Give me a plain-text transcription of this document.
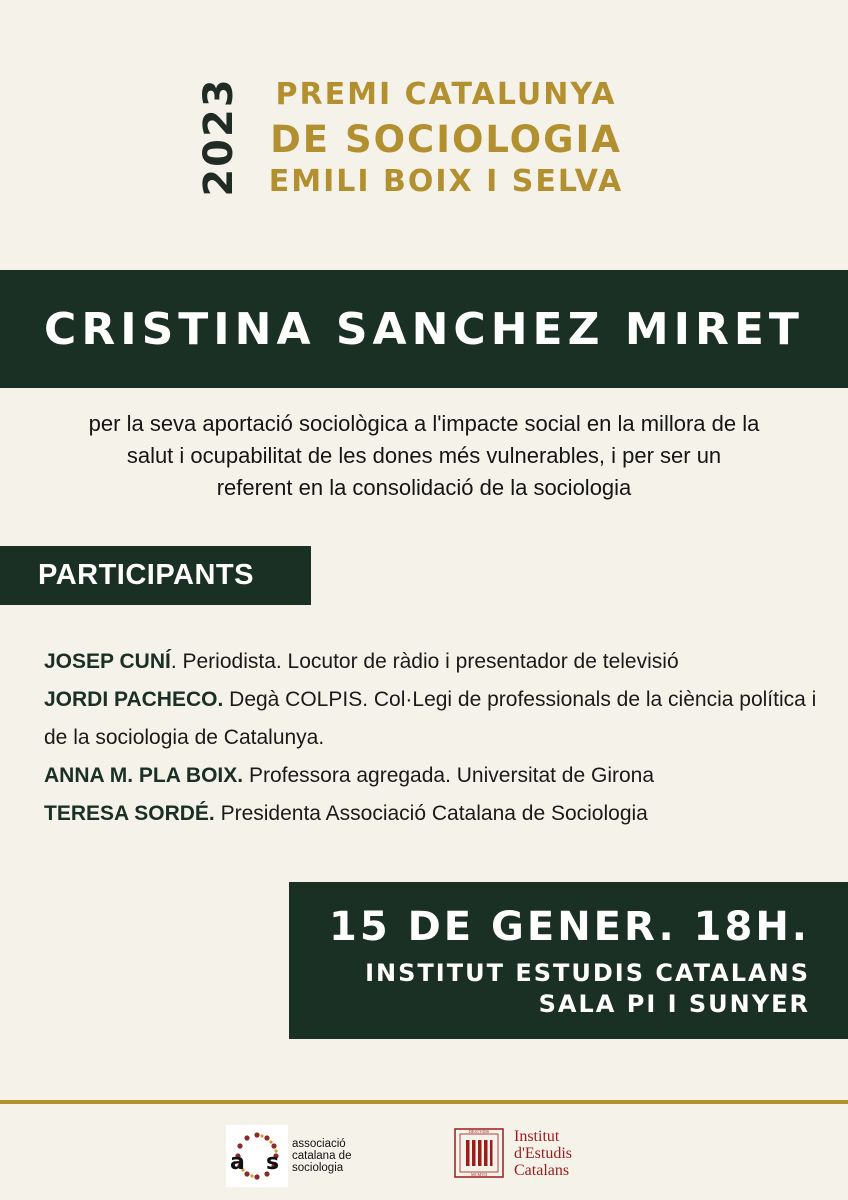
2023	PREMI CATALUNYA
DE SOCIOLOGIA
EMILI BOIX I SELVA
CRISTINA SANCHEZ MIRET
per la seva aportació sociològica a l'impacte social en la millora de la
salut i ocupabilitat de les dones més vulnerables, i per ser un
referent en la consolidació de la sociologia
PARTICIPANTS
JOSEP CUNÍ. Periodista. Locutor de ràdio i presentador de televisió
JORDI PACHECO. Degà COLPIS. Col·Legi de professionals de la ciència política i de la sociologia de Catalunya.
ANNA M. PLA BOIX. Professora agregada. Universitat de Girona
TERESA SORDÉ. Presidenta Associació Catalana de Sociologia
15 DE GENER. 18H.
INSTITUT ESTUDIS CATALANS
SALA PI I SUNYER
a s
associació
catalana de
sociologia
DESTVDIS
MCMVII
Institut
d'Estudis
Catalans
